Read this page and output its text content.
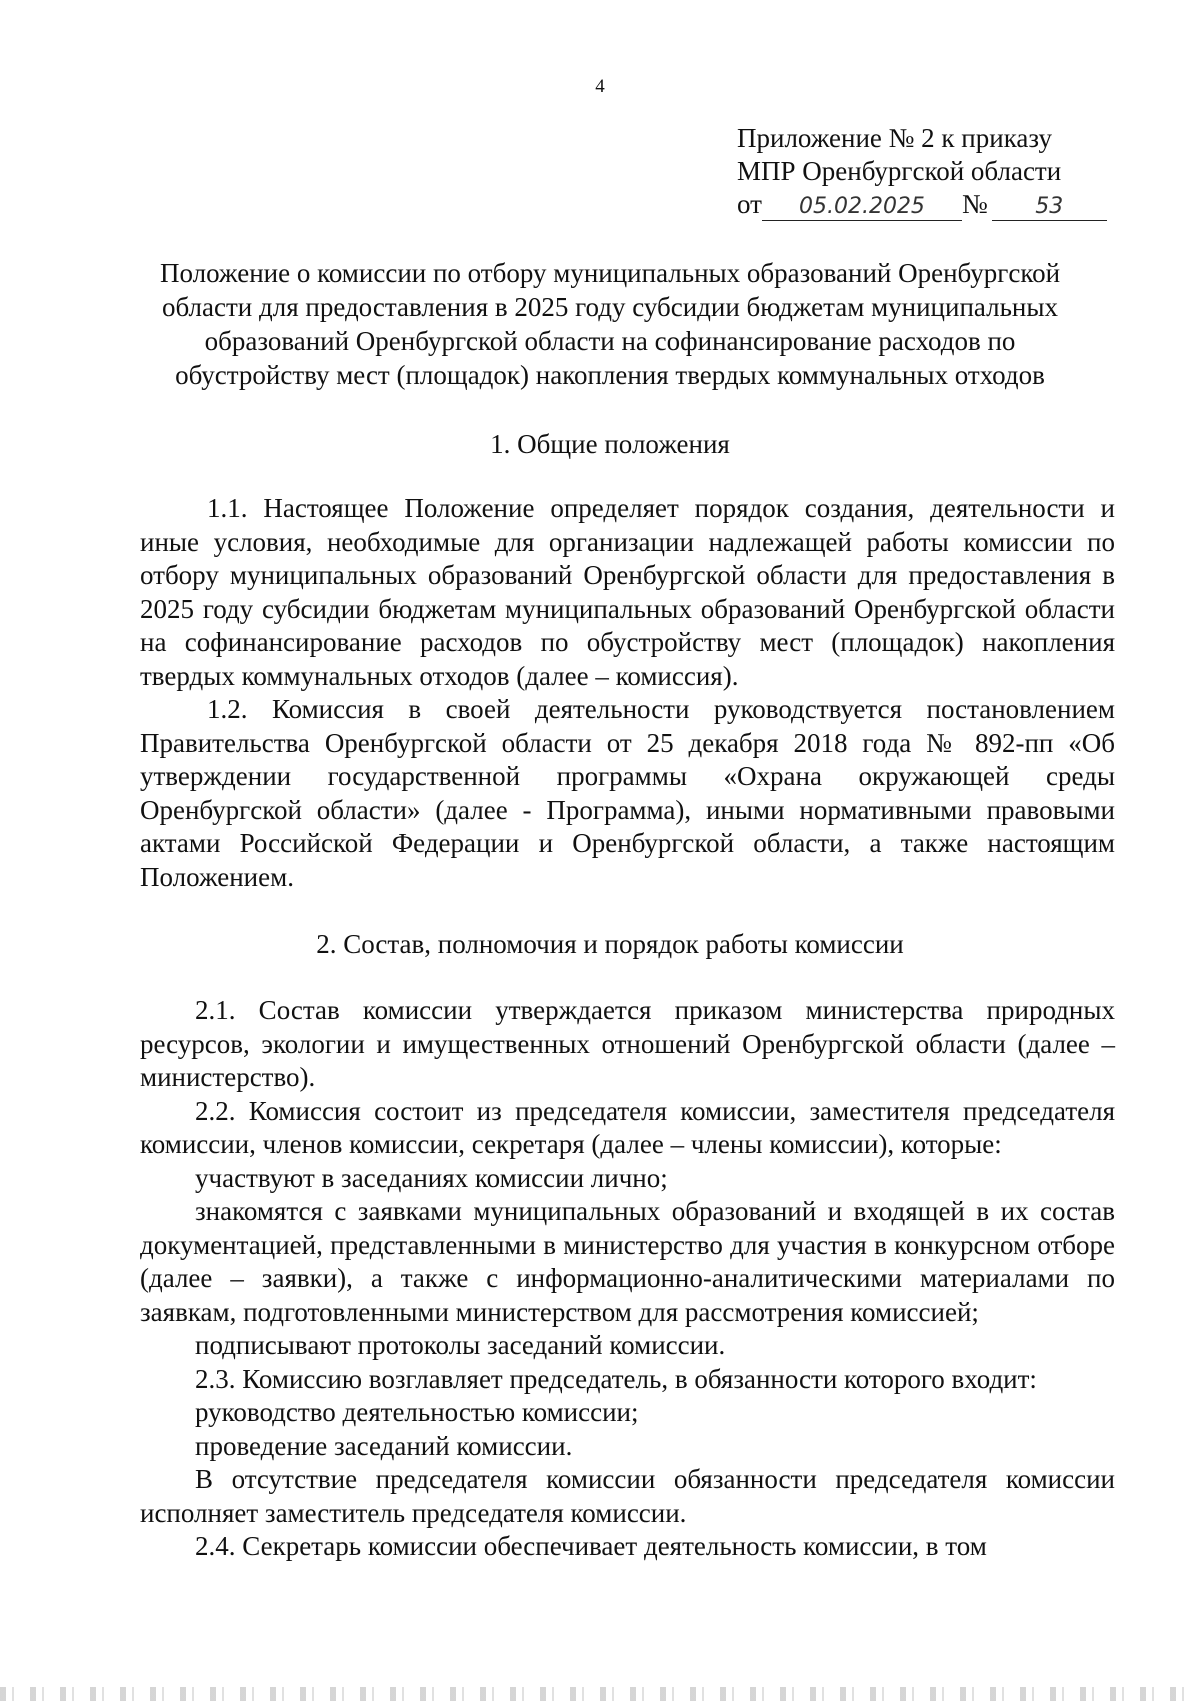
4
Приложение № 2 к приказу
МПР Оренбургской области
от 05.02.2025 № 53
Положение о комиссии по отбору муниципальных образований Оренбургской области для предоставления в 2025 году субсидии бюджетам муниципальных образований Оренбургской области на софинансирование расходов по обустройству мест (площадок) накопления твердых коммунальных отходов
1. Общие положения

1.1. Настоящее Положение определяет порядок создания, деятельности и иные условия, необходимые для организации надлежащей работы комиссии по отбору муниципальных образований Оренбургской области для предоставления в 2025 году субсидии бюджетам муниципальных образований Оренбургской области на софинансирование расходов по обустройству мест (площадок) накопления твердых коммунальных отходов (далее – комиссия).

1.2. Комиссия в своей деятельности руководствуется постановлением Правительства Оренбургской области от 25 декабря 2018 года № 892-пп «Об утверждении государственной программы «Охрана окружающей среды Оренбургской области» (далее - Программа), иными нормативными правовыми актами Российской Федерации и Оренбургской области, а также настоящим Положением.

2. Состав, полномочия и порядок работы комиссии

2.1. Состав комиссии утверждается приказом министерства природных ресурсов, экологии и имущественных отношений Оренбургской области (далее – министерство).

2.2. Комиссия состоит из председателя комиссии, заместителя председателя комиссии, членов комиссии, секретаря (далее – члены комиссии), которые:

участвуют в заседаниях комиссии лично;

знакомятся с заявками муниципальных образований и входящей в их состав документацией, представленными в министерство для участия в конкурсном отборе (далее – заявки), а также с информационно-аналитическими материалами по заявкам, подготовленными министерством для рассмотрения комиссией;

подписывают протоколы заседаний комиссии.

2.3. Комиссию возглавляет председатель, в обязанности которого входит:

руководство деятельностью комиссии;

проведение заседаний комиссии.

В отсутствие председателя комиссии обязанности председателя комиссии исполняет заместитель председателя комиссии.

2.4. Секретарь комиссии обеспечивает деятельность комиссии, в том
